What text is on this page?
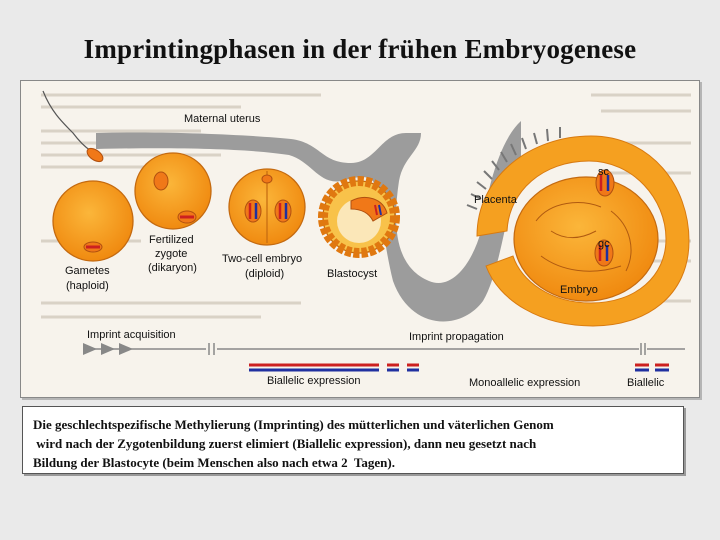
Imprintingphasen in der frühen Embryogenese
Maternal uterus
Placenta
sc
gc
Embryo
Gametes
(haploid)
Fertilized
zygote
(dikaryon)
Two-cell embryo
(diploid)	Blastocyst
Imprint acquisition	Imprint propagation
Biallelic expression	Monoallelic expression	Biallelic
Die geschlechtspezifische Methylierung (Imprinting) des mütterlichen und väterlichen Genom
wird nach der Zygotenbildung zuerst elimiert (Biallelic expression), dann neu gesetzt nach
Bildung der Blastocyte (beim Menschen also nach etwa 2  Tagen).
